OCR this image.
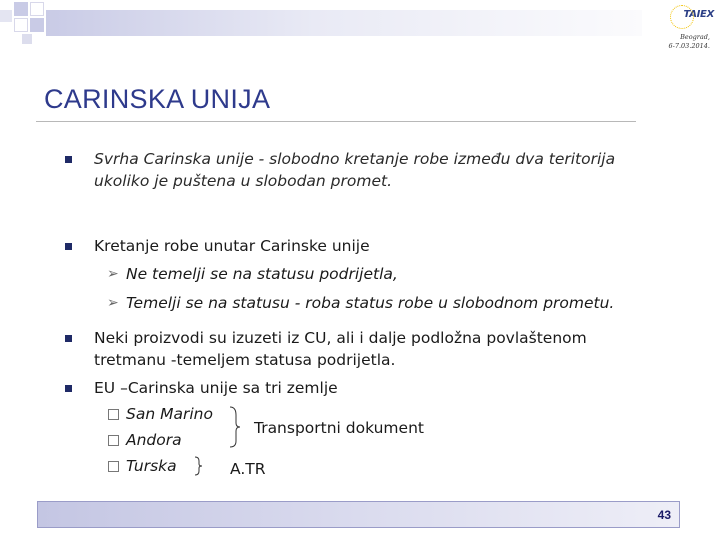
TAIEX
Beograd,
6-7.03.2014.
CARINSKA UNIJA
Svrha Carinska unije - slobodno kretanje robe između dva teritorija
ukoliko je puštena u slobodan promet.
Kretanje robe unutar Carinske unije
➢ Ne temelji se na statusu podrijetla,
➢ Temelji se na statusu - roba status robe u slobodnom prometu.
Neki proizvodi su izuzeti iz CU, ali i dalje podložna povlaštenom
tretmanu -temeljem statusa podrijetla.
EU –Carinska unije sa tri zemlje
San Marino
Andora
Turska
Transportni dokument
A.TR
43
